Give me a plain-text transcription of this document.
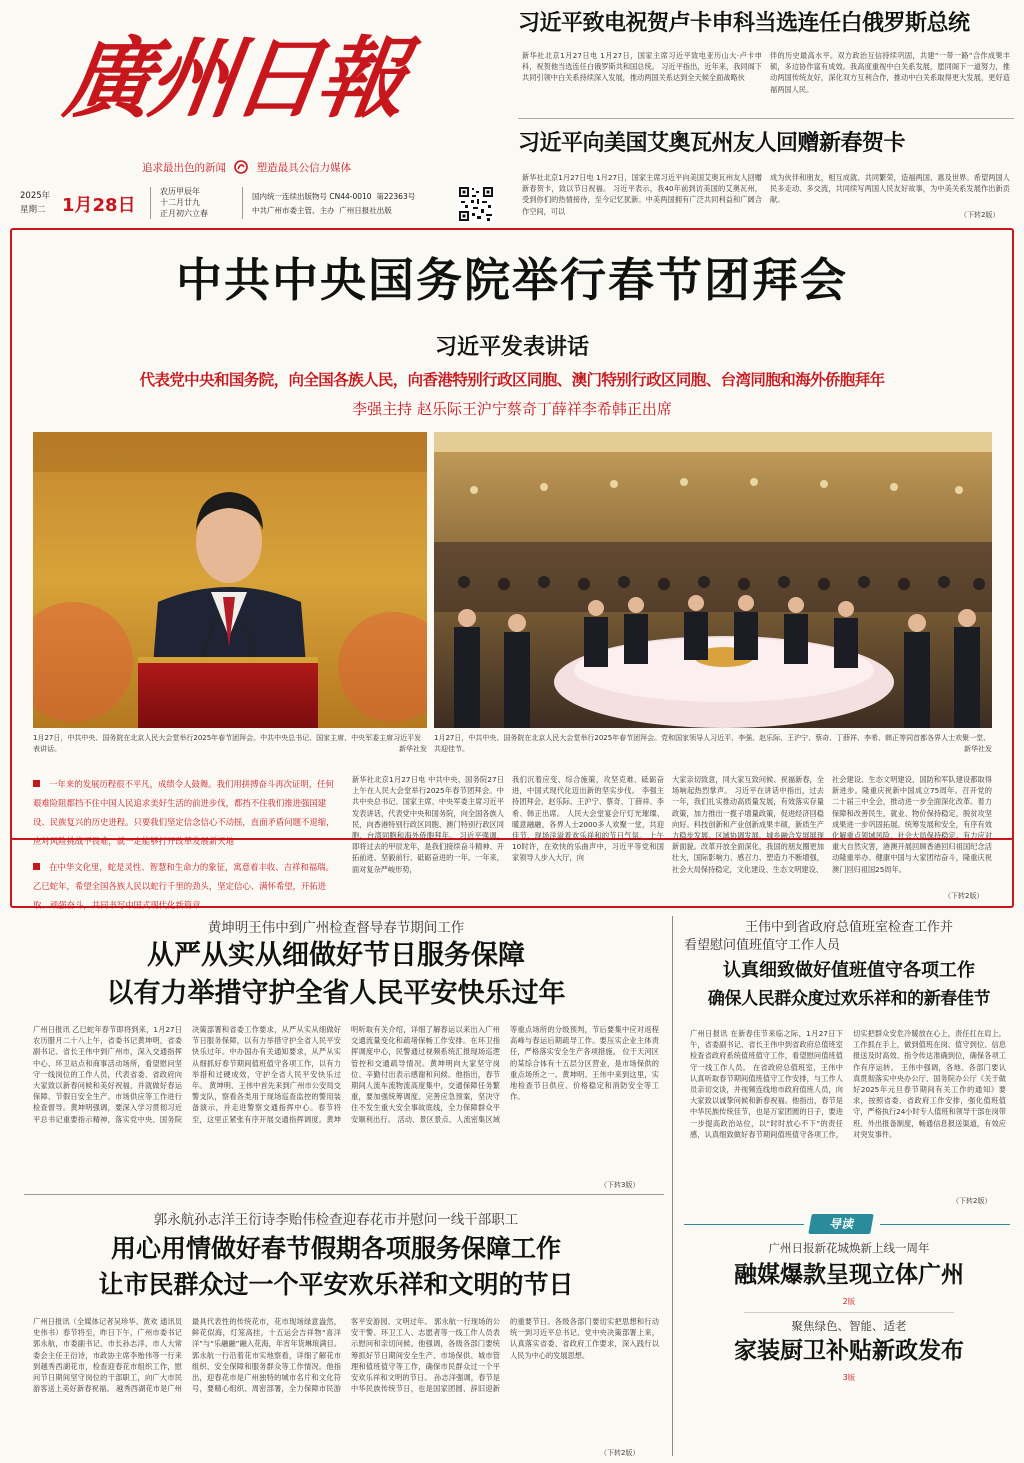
廣州日報
追求最出色的新闻	塑造最具公信力媒体
2025年
星期二 1月28日
农历甲辰年
十二月廿九
正月初六立春
国内统一连续出版物号 CN44-0010 第22363号
中共广州市委主管、主办 广州日报社出版
习近平致电祝贺卢卡申科当选连任白俄罗斯总统
新华社北京1月27日电 1月27日，国家主席习近平致电亚历山大·卢卡申科，祝贺他当选连任白俄罗斯共和国总统。 习近平指出，近年来，我同阁下共同引领中白关系持续深入发展，推动两国关系达到全天候全面战略伙
伴的历史最高水平。双方政治互信持续巩固，共建“一带一路”合作成果丰硕，多边协作富有成效。我高度重视中白关系发展，愿同阁下一道努力，推动两国传统友好，深化双方互利合作，推动中白关系取得更大发展，更好造福两国人民。
习近平向美国艾奥瓦州友人回赠新春贺卡
新华社北京1月27日电 1月27日，国家主席习近平向美国艾奥瓦州友人回赠新春贺卡，致以节日祝福。 习近平表示，我40年前到访美国的艾奥瓦州，受到你们的热情接待，至今记忆犹新。中美两国拥有广泛共同利益和广阔合作空间，可以
成为伙伴和朋友，相互成就、共同繁荣，造福两国、惠及世界。希望两国人民多走动、多交流，共同续写两国人民友好故事，为中美关系发展作出新贡献。
（下转2版）
中共中央国务院举行春节团拜会
习近平发表讲话
代表党中央和国务院，向全国各族人民，向香港特别行政区同胞、澳门特别行政区同胞、台湾同胞和海外侨胞拜年
李强主持 赵乐际王沪宁蔡奇丁薛祥李希韩正出席
1月27日，中共中央、国务院在北京人民大会堂举行2025年春节团拜会。中共中央总书记、国家主席、中央军委主席习近平发表讲话。	新华社发
1月27日，中共中央、国务院在北京人民大会堂举行2025年春节团拜会。党和国家领导人习近平、李强、赵乐际、王沪宁、蔡奇、丁薛祥、李希、韩正等同首都各界人士欢聚一堂、共迎佳节。	新华社发
一年来的发展历程很不平凡，成绩令人鼓舞。我们用拼搏奋斗再次证明，任何艰难险阻都挡不住中国人民追求美好生活的前进步伐，都挡不住我们推进强国建设、民族复兴的历史进程。只要我们坚定信念信心不动摇，直面矛盾问题不退缩，应对风险挑战不畏难，就一定能够打开改革发展新天地
在中华文化里，蛇是灵性、智慧和生命力的象征，寓意着丰收、吉祥和福瑞。乙巳蛇年，希望全国各族人民以蛇行千里的劲头，坚定信心、满怀希望，开拓进取、顽强奋斗，共同书写中国式现代化新篇章
新华社北京1月27日电 中共中央、国务院27日上午在人民大会堂举行2025年春节团拜会。中共中央总书记、国家主席、中央军委主席习近平发表讲话，代表党中央和国务院，向全国各族人民，向香港特别行政区同胞、澳门特别行政区同胞、台湾同胞和海外侨胞拜年。 习近平强调，即将过去的甲辰龙年，是我们接续奋斗精神、开拓前进、坚毅前行、砥砺奋进的一年。一年来，面对复杂严峻形势，
我们沉着应变、综合施策，攻坚克难、砥砺奋进，中国式现代化迈出新的坚实步伐。 李强主持团拜会，赵乐际、王沪宁、蔡奇、丁薛祥、李希、韩正出席。 人民大会堂宴会厅灯光璀璨、暖意融融，各界人士2000多人欢聚一堂，共迎佳节，现场洋溢着欢乐祥和的节日气氛。 上午10时许，在欢快的乐曲声中，习近平等党和国家领导人步入大厅，向
大家亲切致意，同大家互致问候、祝福新春，全场响起热烈掌声。 习近平在讲话中指出，过去一年，我们扎实推动高质量发展，有效落实存量政策，加力推出一揽子增量政策，促进经济回稳向好。科技创新和产业创新成果丰硕，新质生产力稳步发展。区域协调发展、城乡融合发展展现新面貌。改革开放全面深化，我国的朋友圈更加壮大，国际影响力、感召力、塑造力不断增强，社会大局保持稳定，文化建设、生态文明建设、
社会建设、生态文明建设、国防和军队建设都取得新进步。隆重庆祝新中国成立75周年。召开党的二十届三中全会，推动进一步全面深化改革。着力保障和改善民生，就业、物价保持稳定，脱贫攻坚成果进一步巩固拓展。统筹发展和安全，有序有效化解重点领域风险，社会大局保持稳定。有力应对重大自然灾害，港澳开展回顾香港回归祖国纪念活动隆重举办。健康中国与大家团结奋斗，隆重庆祝澳门回归祖国25周年。
（下转2版）
黄坤明王伟中到广州检查督导春节期间工作
从严从实从细做好节日服务保障
以有力举措守护全省人民平安快乐过年
广州日报讯 乙巳蛇年春节即将到来，1月27日农历腊月二十八上午，省委书记黄坤明，省委副书记、省长王伟中到广州市，深入交通指挥中心、环卫站点和商事活动场所，看望慰问坚守一线岗位的工作人员，代表省委、省政府向大家致以新春问候和美好祝福，并就做好春运保障、节假日安全生产、市场供应等工作进行检查督导。黄坤明强调，要深入学习贯彻习近平总书记重要指示精神，落实党中央、国务院决策部署和省委工作要求，从严从实从细做好节日服务保障，以有力举措守护全省人民平安快乐过年。中办国办有关通知要求，从严从实从细抓好春节期间值班值守各项工作，以有力举措和过硬成效，守护全省人民平安快乐过年。 黄坤明、王伟中首先来到广州市公安局交警支队，察看各类用于现场巡查监控的警用装备演示，并走进警察交通指挥中心。春节将至，这里正紧张有序开展交通指挥调度。黄坤明听取有关介绍，详细了解春运以来出入广州交通流量变化和疏堵保畅工作安排。在环卫指挥调度中心，民警通过视频系统汇报现场巡逻管控和交通疏导情况。黄坤明向大家坚守岗位、辛勤付出表示感谢和问候。他指出，春节期间人流车流物流高度集中，交通保障任务繁重，要加强统筹调度、完善应急预案，坚决守住不发生重大安全事故底线，全力保障群众平安顺利出行。 活动、景区景点、人流密集区域等重点场所的分级预判，节后要集中应对返程高峰与春运后期疏导工作。要压实企业主体责任，严格落实安全生产各项措施。 位于天河区的某综合体有十五层分区营业，是市场保供的重点场所之一。黄坤明、王伟中来到这里，实地检查节日供应、价格稳定和消防安全等工作。
（下转3版）
郭永航孙志洋王衍诗李贻伟检查迎春花市并慰问一线干部职工
用心用情做好春节假期各项服务保障工作
让市民群众过一个平安欢乐祥和文明的节日
广州日报讯（全媒体记者吴珍华、黄欢 通讯员史伟书）春节将至，昨日下午，广州市委书记郭永航，市委副书记、市长孙志洋，市人大常委会主任王衍诗，市政协主席李贻伟等一行来到越秀西湖花市，检查迎春花市组织工作，慰问节日期间坚守岗位的干部职工，向广大市民游客送上美好新春祝福。 越秀西湖花市是广州最具代表性的传统花市，花市现场绿意盎然，鲜花似海，灯笼高挂，十五运会吉祥物“喜洋洋”与“乐融融”融入花海，年宵年货琳琅满目。郭永航一行沿着花市实地察看，详细了解花市组织、安全保障和服务群众等工作情况。他指出，迎春花市是广州独特的城市名片和文化符号，要精心组织、周密部署，全力保障市民游客平安游园、文明过年。 郭永航一行现场的公安干警、环卫工人、志愿者等一线工作人员表示慰问和亲切问候。他强调，各级各部门要统筹抓好节日期间安全生产、市场保供、城市管理和值班值守等工作，确保市民群众过一个平安欢乐祥和文明的节日。 孙志洋强调，春节是中华民族传统节日，也是国家团圆、辞旧迎新的重要节日。各级各部门要切实把思想和行动统一到习近平总书记、党中央决策部署上来，认真落实省委、省政府工作要求，深入践行以人民为中心的发展思想。
（下转2版）
王伟中到省政府总值班室检查工作并
看望慰问值班值守工作人员
认真细致做好值班值守各项工作
确保人民群众度过欢乐祥和的新春佳节
广州日报讯 在新春佳节来临之际，1月27日下午，省委副书记、省长王伟中到省政府总值班室检查省政府系统值班值守工作，看望慰问值班值守一线工作人员。 在省政府总值班室，王伟中认真听取春节期间值班值守工作安排，与工作人员亲切交谈，并视频连线地市政府值班人员，向大家致以诚挚问候和新春祝福。他指出，春节是中华民族传统佳节，也是万家团圆的日子，要进一步提高政治站位，以“时时放心不下”的责任感，认真细致做好春节期间值班值守各项工作，切实把群众安危冷暖放在心上，责任扛在肩上，工作抓在手上，做到值班在岗、值守到位、信息报送及时高效、指令传达准确到位，确保各项工作有序运转。 王伟中强调，各地、各部门要认真贯彻落实中央办公厅、国务院办公厅《关于做好2025年元旦春节期间有关工作的通知》要求，按照省委、省政府工作安排，强化值班值守，严格执行24小时专人值班和领导干部在岗带班、外出报备制度，畅通信息报送渠道，有效应对突发事件。
（下转2版）
导读
广州日报新花城焕新上线一周年
融媒爆款呈现立体广州
2版
聚焦绿色、智能、适老
家装厨卫补贴新政发布
3版
